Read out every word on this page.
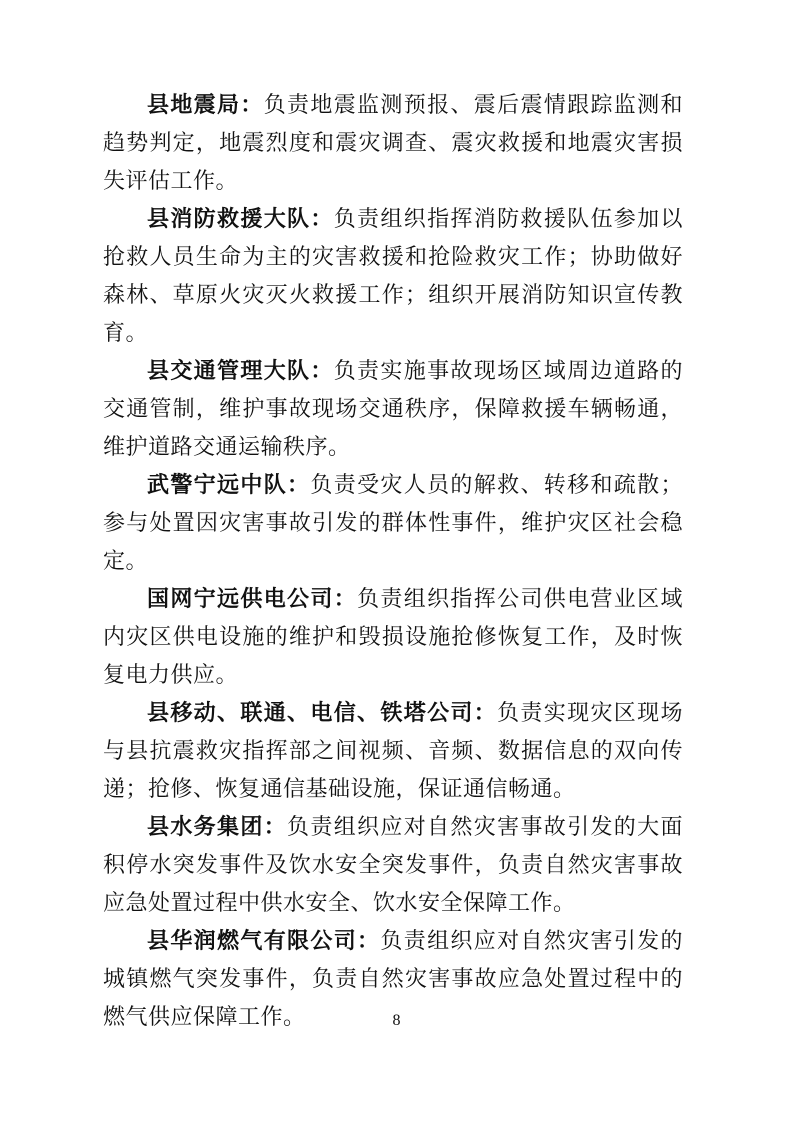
县地震局：负责地震监测预报、震后震情跟踪监测和趋势判定，地震烈度和震灾调查、震灾救援和地震灾害损失评估工作。

县消防救援大队：负责组织指挥消防救援队伍参加以抢救人员生命为主的灾害救援和抢险救灾工作；协助做好森林、草原火灾灭火救援工作；组织开展消防知识宣传教育。

县交通管理大队：负责实施事故现场区域周边道路的交通管制，维护事故现场交通秩序，保障救援车辆畅通，维护道路交通运输秩序。

武警宁远中队：负责受灾人员的解救、转移和疏散；参与处置因灾害事故引发的群体性事件，维护灾区社会稳定。

国网宁远供电公司：负责组织指挥公司供电营业区域内灾区供电设施的维护和毁损设施抢修恢复工作，及时恢复电力供应。

县移动、联通、电信、铁塔公司：负责实现灾区现场与县抗震救灾指挥部之间视频、音频、数据信息的双向传递；抢修、恢复通信基础设施，保证通信畅通。

县水务集团：负责组织应对自然灾害事故引发的大面积停水突发事件及饮水安全突发事件，负责自然灾害事故应急处置过程中供水安全、饮水安全保障工作。

县华润燃气有限公司：负责组织应对自然灾害引发的城镇燃气突发事件，负责自然灾害事故应急处置过程中的燃气供应保障工作。	8
